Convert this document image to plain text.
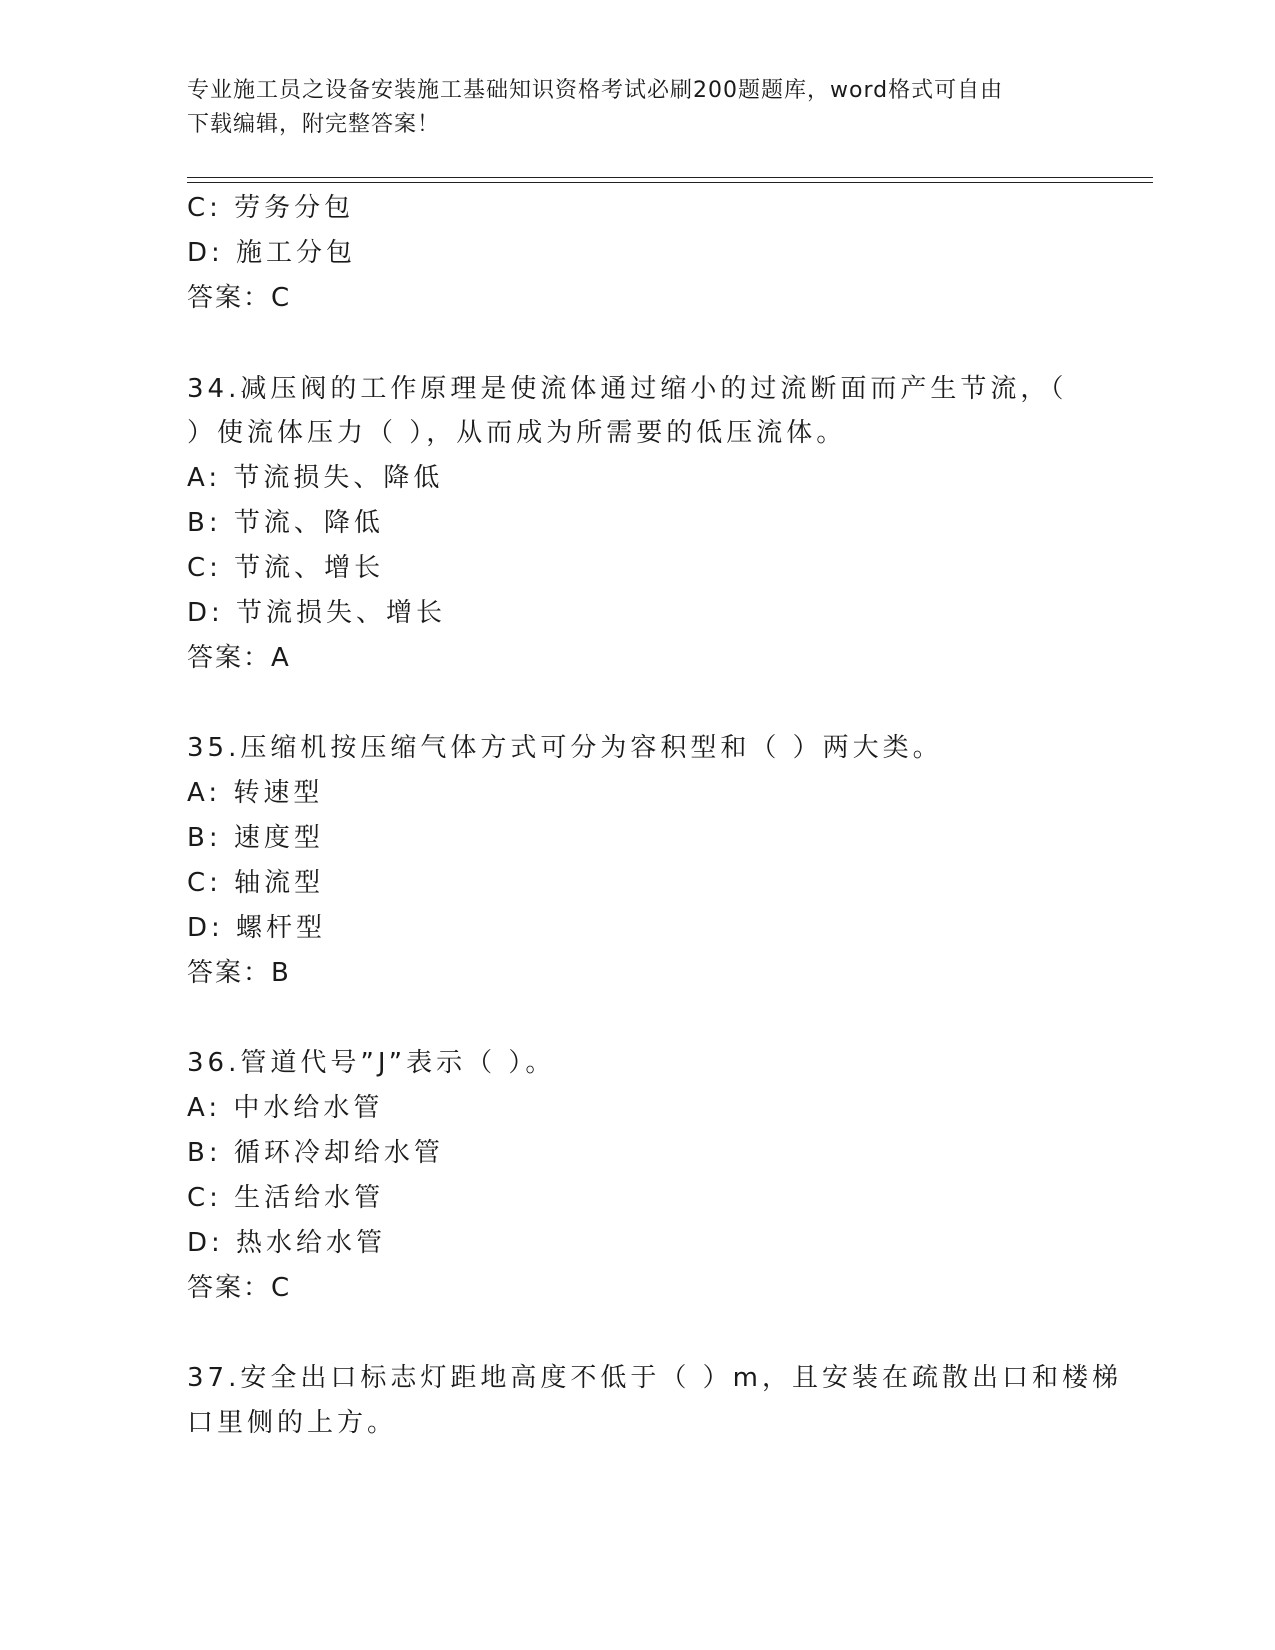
专业施工员之设备安装施工基础知识资格考试必刷200题题库，word格式可自由
下载编辑，附完整答案！
C: 劳务分包
D: 施工分包
答案：C
34.减压阀的工作原理是使流体通过缩小的过流断面而产生节流，（
）使流体压力（ ），从而成为所需要的低压流体。
A: 节流损失、降低
B: 节流、降低
C: 节流、增长
D: 节流损失、增长
答案：A
35.压缩机按压缩气体方式可分为容积型和（ ）两大类。
A: 转速型
B: 速度型
C: 轴流型
D: 螺杆型
答案：B
36.管道代号”J”表示（ ）。
A: 中水给水管
B: 循环冷却给水管
C: 生活给水管
D: 热水给水管
答案：C
37.安全出口标志灯距地高度不低于（ ）m，且安装在疏散出口和楼梯
口里侧的上方。
